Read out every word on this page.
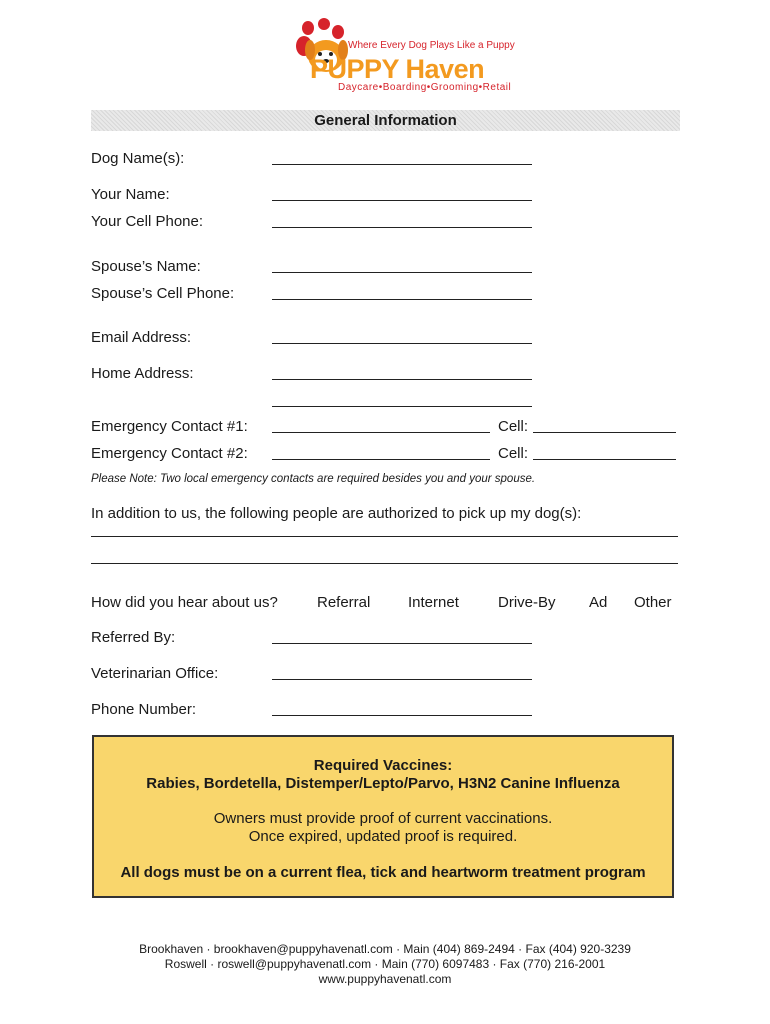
Where Every Dog Plays Like a Puppy
PUPPY Haven
Daycare•Boarding•Grooming•Retail
General Information
Dog Name(s):
Your Name:
Your Cell Phone:
Spouse’s Name:
Spouse’s Cell Phone:
Email Address:
Home Address:
Emergency Contact #1:	Cell:
Emergency Contact #2:	Cell:
Please Note: Two local emergency contacts are required besides you and your spouse.
In addition to us, the following people are authorized to pick up my dog(s):
How did you hear about us?	Referral	Internet	Drive-By Ad Other
Referred By:
Veterinarian Office:
Phone Number:
Required Vaccines:
Rabies, Bordetella, Distemper/Lepto/Parvo, H3N2 Canine Influenza
Owners must provide proof of current vaccinations.
Once expired, updated proof is required.
All dogs must be on a current flea, tick and heartworm treatment program
Brookhaven · brookhaven@puppyhavenatl.com · Main (404) 869-2494 · Fax (404) 920-3239
Roswell · roswell@puppyhavenatl.com · Main (770) 6097483 · Fax (770) 216-2001
www.puppyhavenatl.com
